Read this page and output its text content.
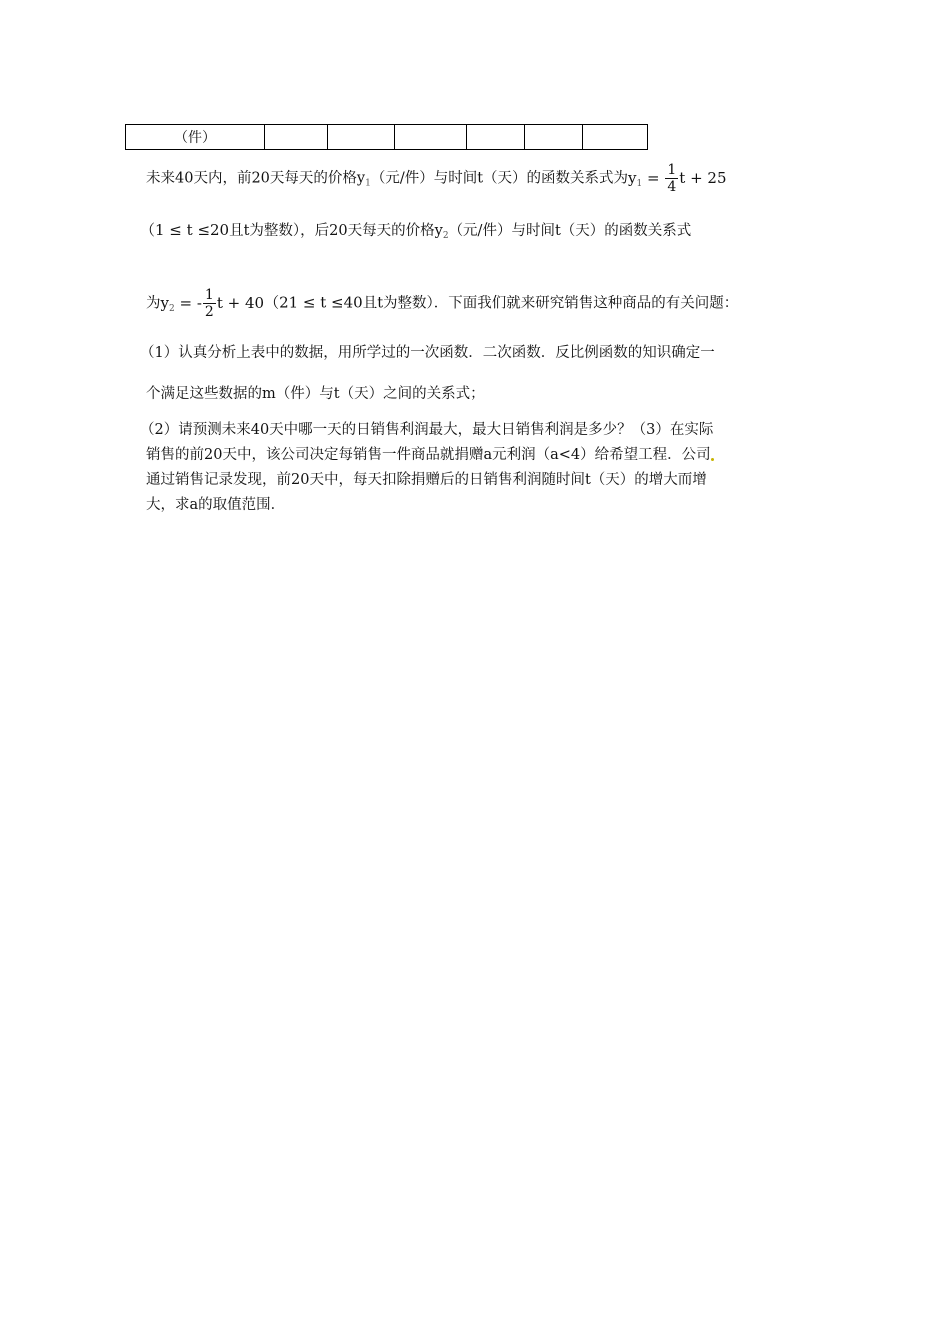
（件）						
未来40天内，前20天每天的价格$y_1$（元/件）与时间t（天）的函数关系式为$y_1 = \frac{1}{4}$ t + 25
（1 ≤ t ≤20且t为整数），后20天每天的价格$y_2$（元/件）与时间t（天）的函数关系式
为$y_2$ = - $\frac{1}{2}$ t + 40（21 ≤ t ≤40且t为整数）．下面我们就来研究销售这种商品的有关问题：
（1）认真分析上表中的数据，用所学过的一次函数．二次函数．反比例函数的知识确定一
个满足这些数据的m（件）与t（天）之间的关系式；
（2）请预测未来40天中哪一天的日销售利润最大，最大日销售利润是多少？（3）在实际
销售的前20天中，该公司决定每销售一件商品就捐赠a元利润（a<4）给希望工程．公司
通过销售记录发现，前20天中，每天扣除捐赠后的日销售利润随时间t（天）的增大而增
大，求a的取值范围．
